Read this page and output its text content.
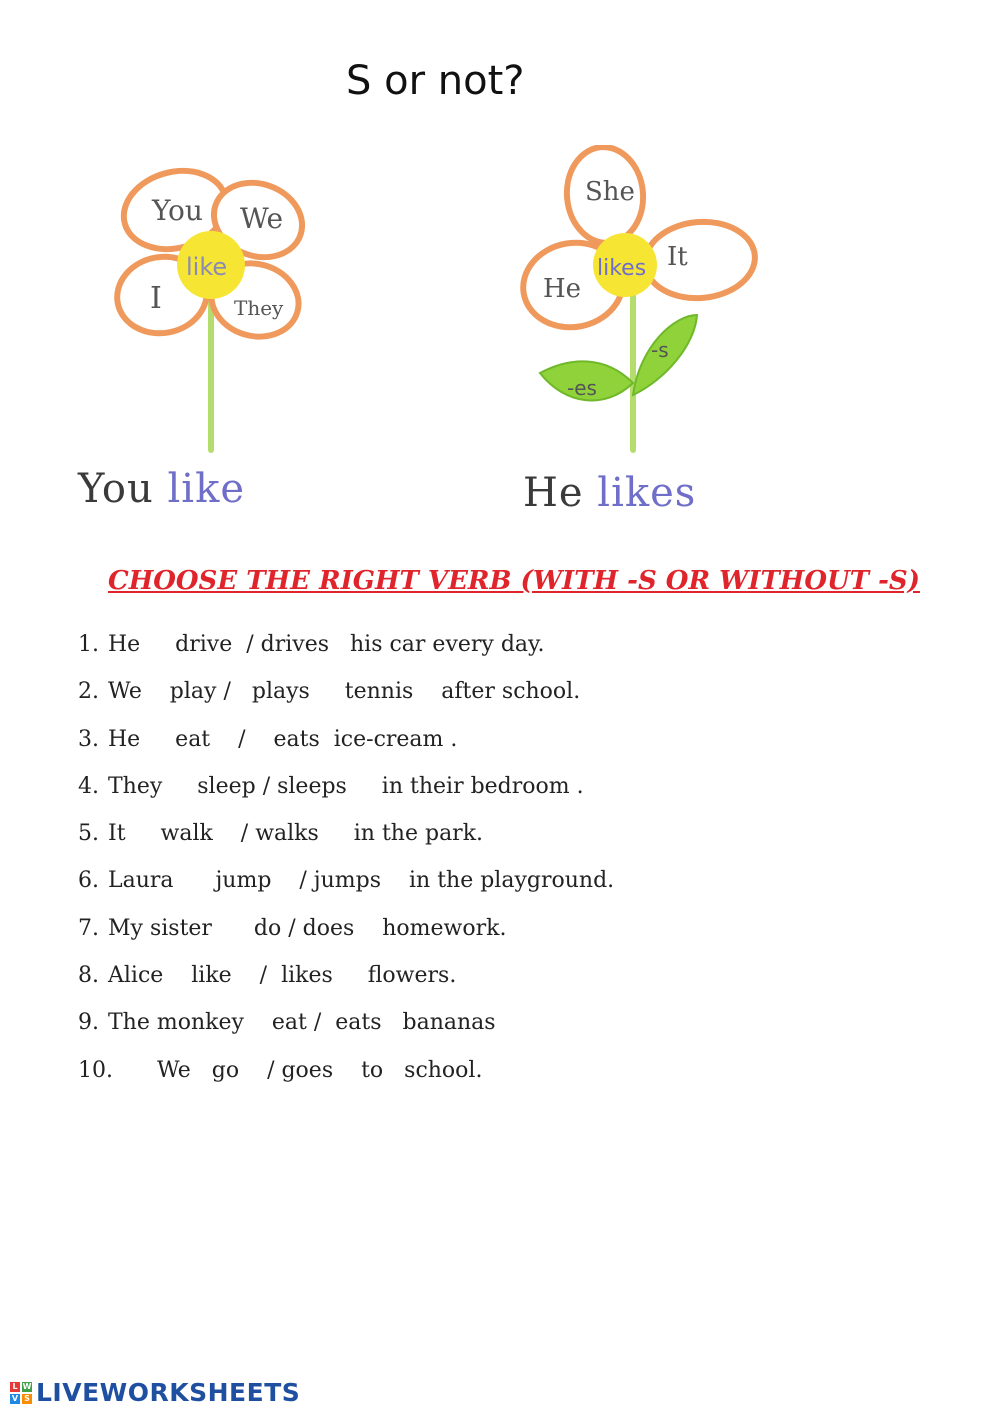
S or not?
You We
I	They
like
You like
She
It
He
likes
-s
-es
He likes
CHOOSE THE RIGHT VERB (WITH -S OR WITHOUT -S)
1. He     drive  / drives   his car every day.
2. We    play /   plays     tennis    after school.
3. He     eat    /    eats  ice-cream .
4. They     sleep / sleeps     in their bedroom .
5. It     walk    / walks     in the park.
6. Laura      jump    / jumps    in the playground.
7. My sister      do / does    homework.
8. Alice    like    /  likes     flowers.
9. The monkey    eat /  eats   bananas
10.       We   go    / goes    to   school.
L W
V S LIVEWORKSHEETS
